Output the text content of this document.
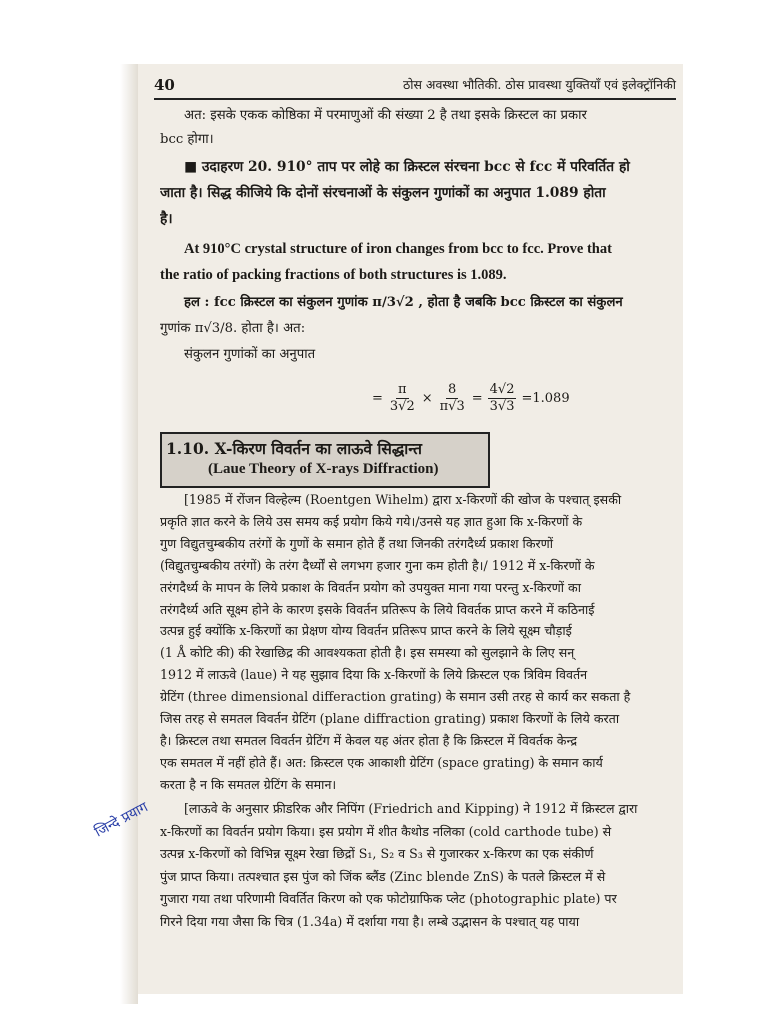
40	ठोस अवस्था भौतिकी. ठोस प्रावस्था युक्तियाँ एवं इलेक्ट्रॉनिकी
अत: इसके एकक कोष्ठिका में परमाणुओं की संख्या 2 है तथा इसके क्रिस्टल का प्रकार
bcc होगा।
■ उदाहरण 20. 910° ताप पर लोहे का क्रिस्टल संरचना bcc से fcc में परिवर्तित हो
जाता है। सिद्ध कीजिये कि दोनों संरचनाओं के संकुलन गुणांकों का अनुपात 1.089 होता
है।
At 910°C crystal structure of iron changes from bcc to fcc. Prove that
the ratio of packing fractions of both structures is 1.089.
हल : fcc क्रिस्टल का संकुलन गुणांक π/3√2 , होता है जबकि bcc क्रिस्टल का संकुलन
गुणांक π√3/8. होता है। अत:
संकुलन गुणांकों का अनुपात
= $\frac{\pi}{3√2} \times \frac{8}{\pi√3} = \frac{4√2}{3√3} =1.089$
1.10. X-किरण विवर्तन का लाऊवे सिद्धान्त
(Laue Theory of X-rays Diffraction)
[1985 में रोंजन विल्हेल्म (Roentgen Wihelm) द्वारा x-किरणों की खोज के पश्चात् इसकी
प्रकृति ज्ञात करने के लिये उस समय कई प्रयोग किये गये।/उनसे यह ज्ञात हुआ कि x-किरणों के
गुण विद्युतचुम्बकीय तरंगों के गुणों के समान होते हैं तथा जिनकी तरंगदैर्ध्य प्रकाश किरणों
(विद्युतचुम्बकीय तरंगों) के तरंग दैर्ध्यों से लगभग हजार गुना कम होती है।/ 1912 में x-किरणों के
तरंगदैर्ध्य के मापन के लिये प्रकाश के विवर्तन प्रयोग को उपयुक्त माना गया परन्तु x-किरणों का
तरंगदैर्ध्य अति सूक्ष्म होने के कारण इसके विवर्तन प्रतिरूप के लिये विवर्तक प्राप्त करने में कठिनाई
उत्पन्न हुई क्योंकि x-किरणों का प्रेक्षण योग्य विवर्तन प्रतिरूप प्राप्त करने के लिये सूक्ष्म चौड़ाई
(1 Å कोटि की) की रेखाछिद्र की आवश्यकता होती है। इस समस्या को सुलझाने के लिए सन्
1912 में लाऊवे (laue) ने यह सुझाव दिया कि x-किरणों के लिये क्रिस्टल एक त्रिविम विवर्तन
ग्रेटिंग (three dimensional differaction grating) के समान उसी तरह से कार्य कर सकता है
जिस तरह से समतल विवर्तन ग्रेटिंग (plane diffraction grating) प्रकाश किरणों के लिये करता
है। क्रिस्टल तथा समतल विवर्तन ग्रेटिंग में केवल यह अंतर होता है कि क्रिस्टल में विवर्तक केन्द्र
एक समतल में नहीं होते हैं। अत: क्रिस्टल एक आकाशी ग्रेटिंग (space grating) के समान कार्य
करता है न कि समतल ग्रेटिंग के समान।
[लाऊवे के अनुसार फ्रीडरिक और निपिंग (Friedrich and Kipping) ने 1912 में क्रिस्टल द्वारा
x-किरणों का विवर्तन प्रयोग किया। इस प्रयोग में शीत कैथोड नलिका (cold carthode tube) से
उत्पन्न x-किरणों को विभिन्न सूक्ष्म रेखा छिद्रों S₁, S₂ व S₃ से गुजारकर x-किरण का एक संकीर्ण
पुंज प्राप्त किया। तत्पश्चात इस पुंज को जिंक ब्लैंड (Zinc blende ZnS) के पतले क्रिस्टल में से
गुजारा गया तथा परिणामी विवर्तित किरण को एक फोटोग्राफिक प्लेट (photographic plate) पर
गिरने दिया गया जैसा कि चित्र (1.34a) में दर्शाया गया है। लम्बे उद्भासन के पश्चात् यह पाया
जिन्दे प्रयाग
